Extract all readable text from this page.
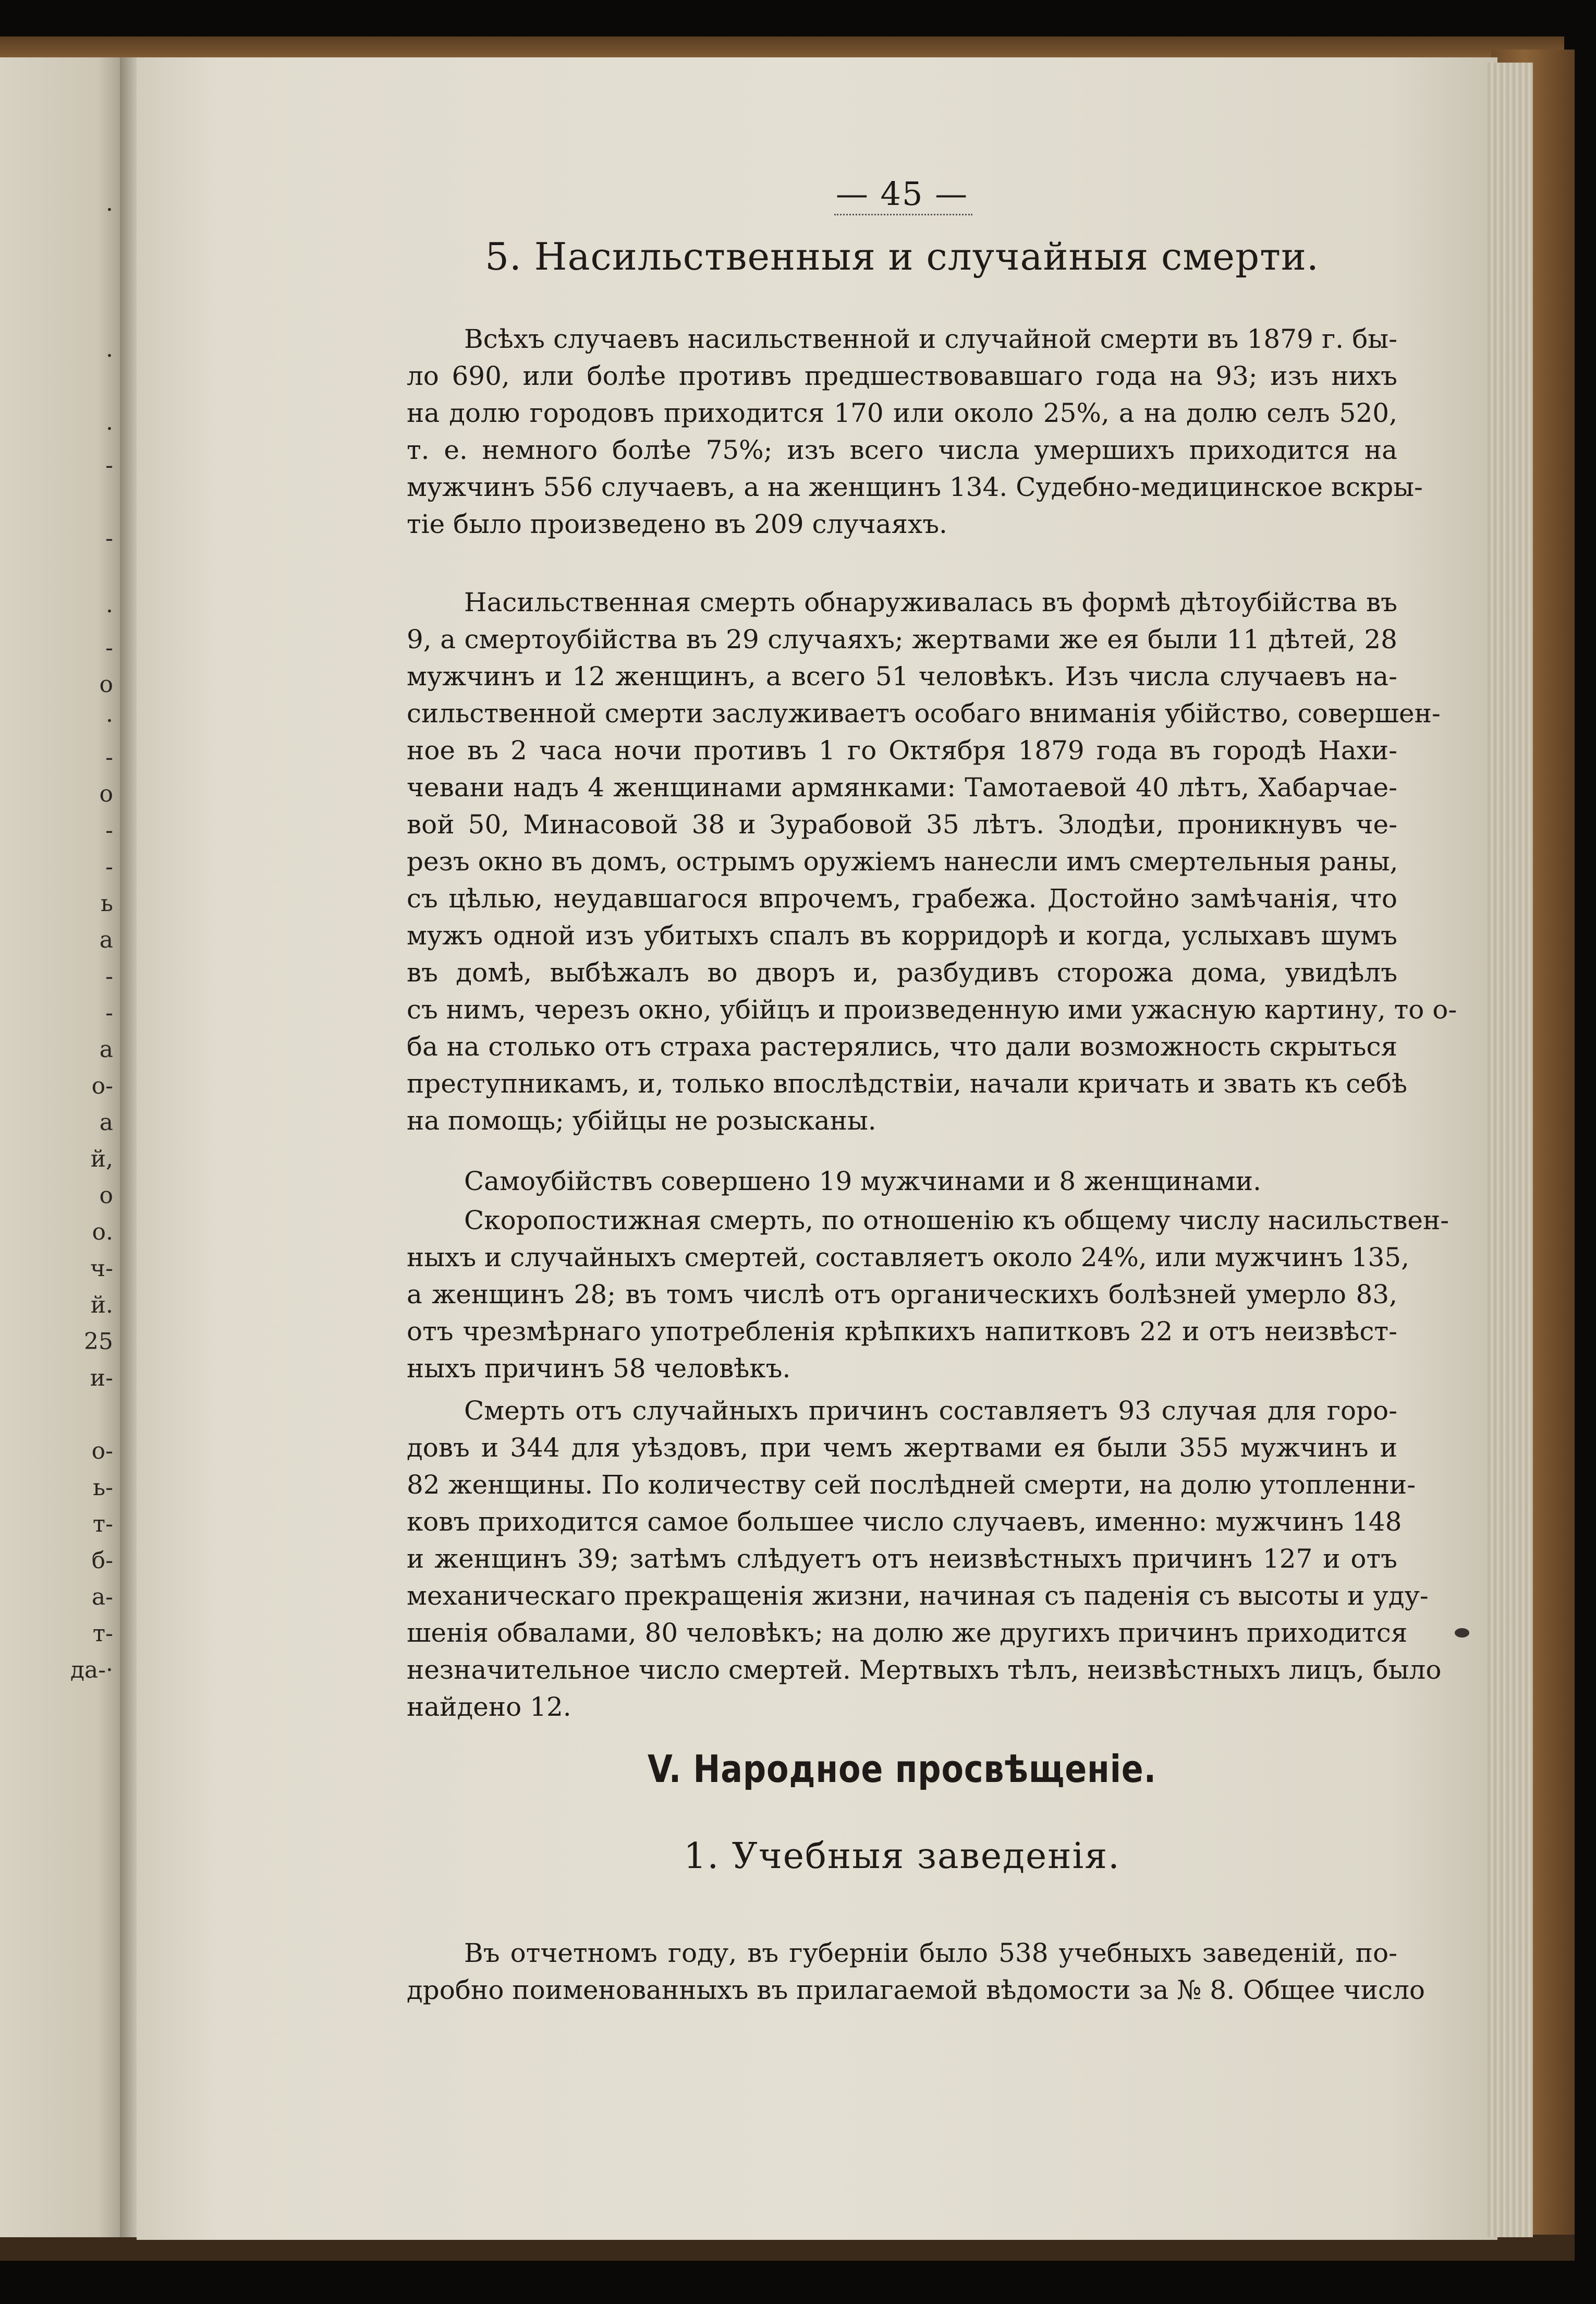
·
·
·
-
-
·
-
о
·
-
о
-
-
ь
а
-
-
а
о-
а
й,
о
о.
ч-
й.
25
и-
о-
ь-
т-
б-
а-
т-
да-·
— 45 —
5. Насильственныя и случайныя смерти.
Всѣхъ случаевъ насильственной и случайной смерти въ 1879 г. бы-
ло 690, или болѣе противъ предшествовавшаго года на 93; изъ нихъ
на долю городовъ приходится 170 или около 25%, а на долю селъ 520,
т. е. немного болѣе 75%; изъ всего числа умершихъ приходится на
мужчинъ 556 случаевъ, а на женщинъ 134. Судебно-медицинское вскры-
тіе было произведено въ 209 случаяхъ.
Насильственная смерть обнаруживалась въ формѣ дѣтоубійства въ
9, а смертоубійства въ 29 случаяхъ; жертвами же ея были 11 дѣтей, 28
мужчинъ и 12 женщинъ, а всего 51 человѣкъ. Изъ числа случаевъ на-
сильственной смерти заслуживаетъ особаго вниманія убійство, совершен-
ное въ 2 часа ночи противъ 1 го Октября 1879 года въ городѣ Нахи-
чевани надъ 4 женщинами армянками: Тамотаевой 40 лѣтъ, Хабарчае-
вой 50, Минасовой 38 и Зурабовой 35 лѣтъ. Злодѣи, проникнувъ че-
резъ окно въ домъ, острымъ оружіемъ нанесли имъ смертельныя раны,
съ цѣлью, неудавшагося впрочемъ, грабежа. Достойно замѣчанія, что
мужъ одной изъ убитыхъ спалъ въ корридорѣ и когда, услыхавъ шумъ
въ домѣ, выбѣжалъ во дворъ и, разбудивъ сторожа дома, увидѣлъ
съ нимъ, черезъ окно, убійцъ и произведенную ими ужасную картину, то о-
ба на столько отъ страха растерялись, что дали возможность скрыться
преступникамъ, и, только впослѣдствіи, начали кричать и звать къ себѣ
на помощь; убійцы не розысканы.
Самоубійствъ совершено 19 мужчинами и 8 женщинами.
Скоропостижная смерть, по отношенію къ общему числу насильствен-
ныхъ и случайныхъ смертей, составляетъ около 24%, или мужчинъ 135,
а женщинъ 28; въ томъ числѣ отъ органическихъ болѣзней умерло 83,
отъ чрезмѣрнаго употребленія крѣпкихъ напитковъ 22 и отъ неизвѣст-
ныхъ причинъ 58 человѣкъ.
Смерть отъ случайныхъ причинъ составляетъ 93 случая для горо-
довъ и 344 для уѣздовъ, при чемъ жертвами ея были 355 мужчинъ и
82 женщины. По количеству сей послѣдней смерти, на долю утопленни-
ковъ приходится самое большее число случаевъ, именно: мужчинъ 148
и женщинъ 39; затѣмъ слѣдуетъ отъ неизвѣстныхъ причинъ 127 и отъ
механическаго прекращенія жизни, начиная съ паденія съ высоты и уду-
шенія обвалами, 80 человѣкъ; на долю же другихъ причинъ приходится
незначительное число смертей. Мертвыхъ тѣлъ, неизвѣстныхъ лицъ, было
найдено 12.
V. Народное просвѣщеніе.
1. Учебныя заведенія.
Въ отчетномъ году, въ губерніи было 538 учебныхъ заведеній, по-
дробно поименованныхъ въ прилагаемой вѣдомости за № 8. Общее число
